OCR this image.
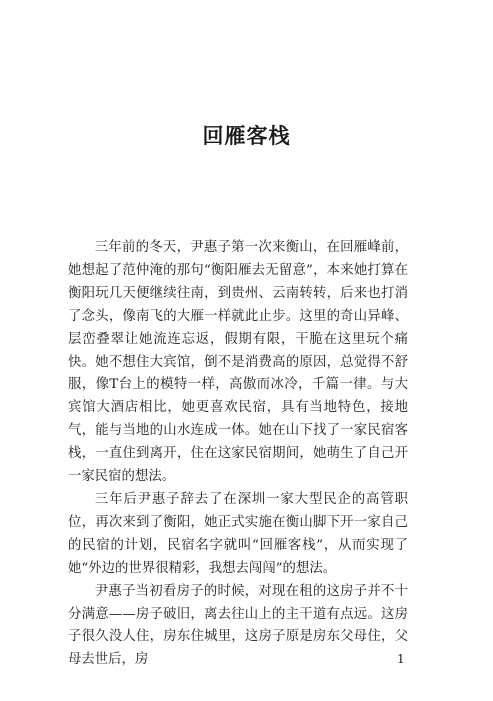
回雁客栈

三年前的冬天，尹惠子第一次来衡山，在回雁峰前，她想起了范仲淹的那句“衡阳雁去无留意”，本来她打算在衡阳玩几天便继续往南，到贵州、云南转转，后来也打消了念头，像南飞的大雁一样就此止步。这里的奇山异峰、层峦叠翠让她流连忘返，假期有限，干脆在这里玩个痛快。她不想住大宾馆，倒不是消费高的原因，总觉得不舒服，像T台上的模特一样，高傲而冰冷，千篇一律。与大宾馆大酒店相比，她更喜欢民宿，具有当地特色，接地气，能与当地的山水连成一体。她在山下找了一家民宿客栈，一直住到离开，住在这家民宿期间，她萌生了自己开一家民宿的想法。

三年后尹惠子辞去了在深圳一家大型民企的高管职位，再次来到了衡阳，她正式实施在衡山脚下开一家自己的民宿的计划，民宿名字就叫“回雁客栈”，从而实现了她“外边的世界很精彩，我想去闯闯”的想法。

尹惠子当初看房子的时候，对现在租的这房子并不十分满意——房子破旧，离去往山上的主干道有点远。这房子很久没人住，房东住城里，这房子原是房东父母住，父母去世后，房	1
